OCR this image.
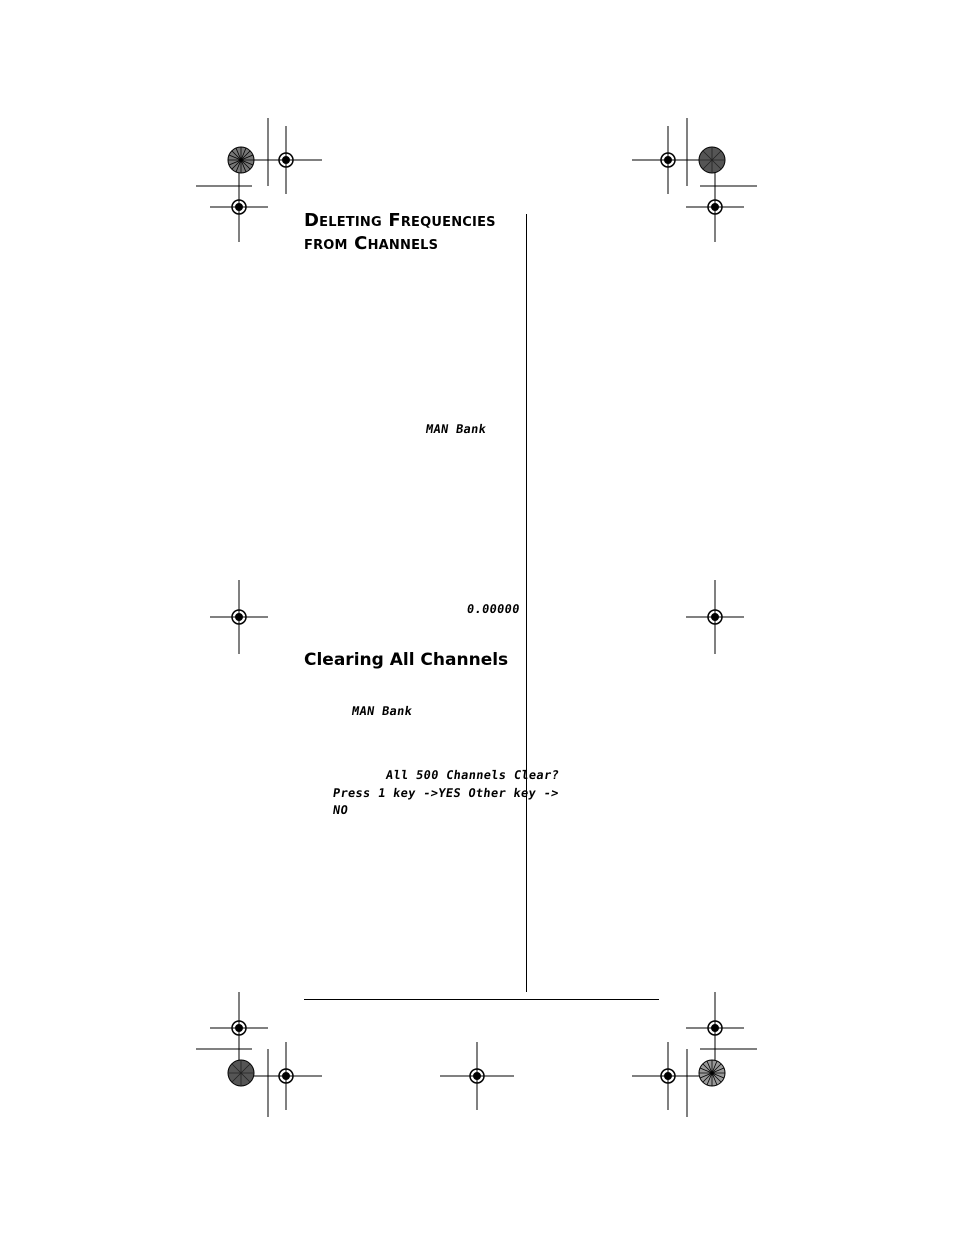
DELETING FREQUENCIES
FROM CHANNELS
MAN Bank
0.00000
Clearing All Channels
MAN Bank
All 500 Channels Clear?
Press 1 key ->YES Other key ->
NO
